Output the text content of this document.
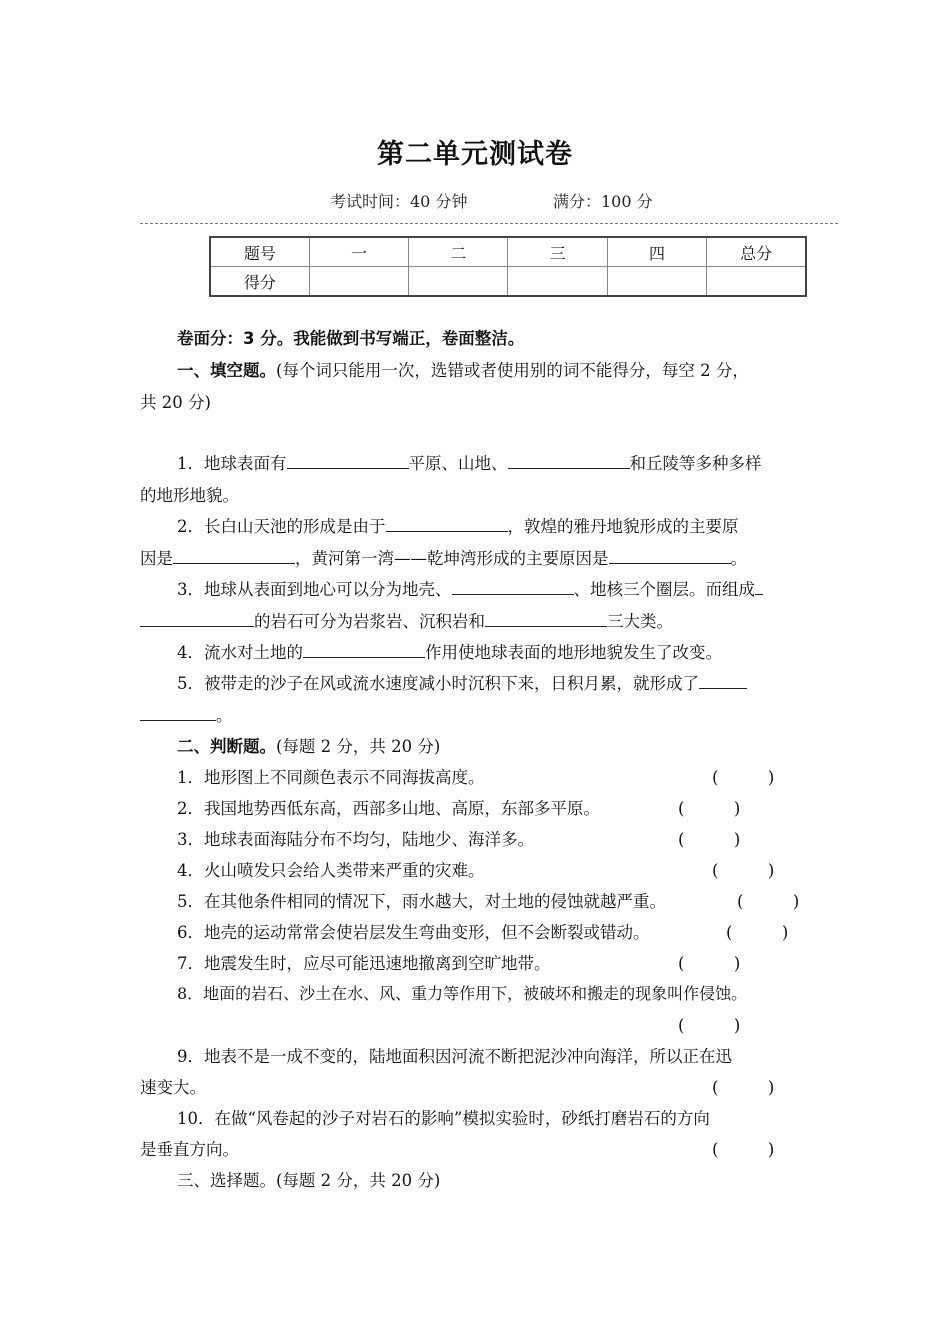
第二单元测试卷
考试时间：40 分钟	满分：100 分
题号	一	二	三	四	总分
得分					
卷面分：3 分。我能做到书写端正，卷面整洁。
一、填空题。(每个词只能用一次，选错或者使用别的词不能得分，每空 2 分，
共 20 分)
1．地球表面有	平原、山地、	和丘陵等多种多样
的地形地貌。
2．长白山天池的形成是由于	，敦煌的雅丹地貌形成的主要原
因是	，黄河第一湾——乾坤湾形成的主要原因是	。
3．地球从表面到地心可以分为地壳、	、地核三个圈层。而组成
的岩石可分为岩浆岩、沉积岩和	三大类。
4．流水对土地的	作用使地球表面的地形地貌发生了改变。
5．被带走的沙子在风或流水速度减小时沉积下来，日积月累，就形成了
。
二、判断题。(每题 2 分，共 20 分)
1．地形图上不同颜色表示不同海拔高度。	(　　　)
2．我国地势西低东高，西部多山地、高原，东部多平原。	(　　　)
3．地球表面海陆分布不均匀，陆地少、海洋多。	(　　　)
4．火山喷发只会给人类带来严重的灾难。	(　　　)
5．在其他条件相同的情况下，雨水越大，对土地的侵蚀就越严重。	(　　　)
6．地壳的运动常常会使岩层发生弯曲变形，但不会断裂或错动。	(　　　)
7．地震发生时，应尽可能迅速地撤离到空旷地带。	(　　　)
8．地面的岩石、沙土在水、风、重力等作用下，被破坏和搬走的现象叫作侵蚀。
(　　　)
9．地表不是一成不变的，陆地面积因河流不断把泥沙冲向海洋，所以正在迅
速变大。	(　　　)
10．在做“风卷起的沙子对岩石的影响”模拟实验时，砂纸打磨岩石的方向
是垂直方向。	(　　　)
三、选择题。(每题 2 分，共 20 分)
